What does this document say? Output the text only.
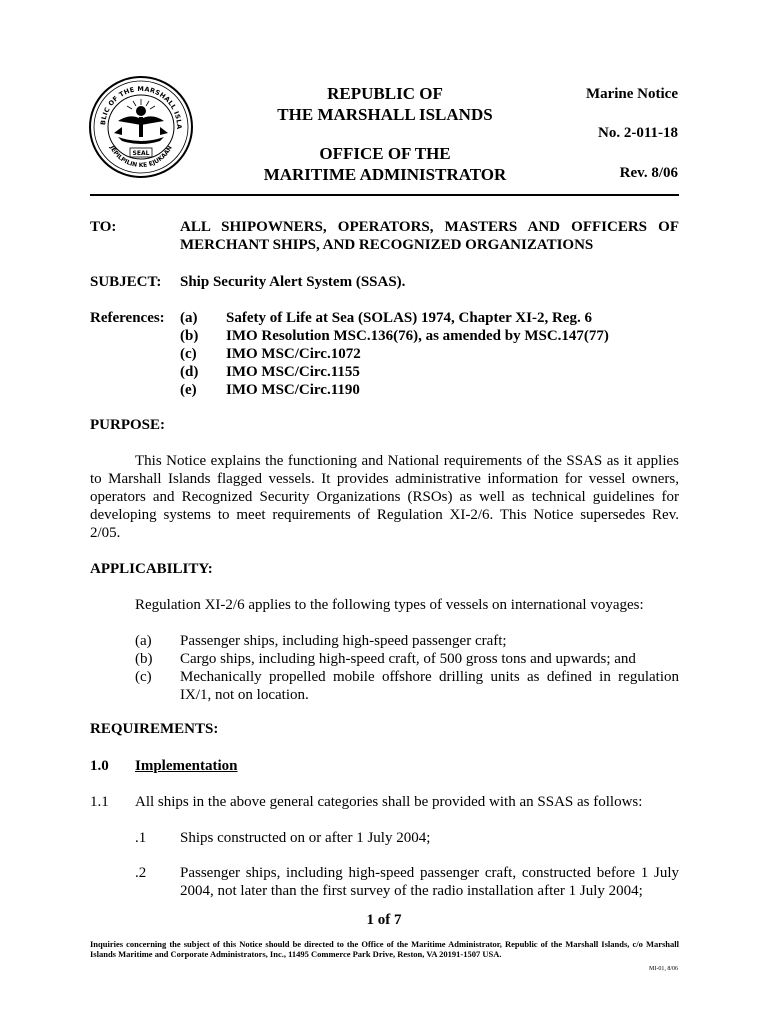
BLIC OF THE MARSHALL ISLA
JEPILPILIN KE EJUKAAN
SEAL
REPUBLIC OF
THE MARSHALL ISLANDS
OFFICE OF THE
MARITIME ADMINISTRATOR
Marine Notice
No. 2-011-18
Rev. 8/06
TO:	ALL SHIPOWNERS, OPERATORS, MASTERS AND OFFICERS OF
MERCHANT SHIPS, AND RECOGNIZED ORGANIZATIONS
SUBJECT: Ship Security Alert System (SSAS).
References: (a) Safety of Life at Sea (SOLAS) 1974, Chapter XI-2, Reg. 6
(b) IMO Resolution MSC.136(76), as amended by MSC.147(77)
(c) IMO MSC/Circ.1072
(d) IMO MSC/Circ.1155
(e) IMO MSC/Circ.1190
PURPOSE:
This Notice explains the functioning and National requirements of the SSAS as it applies
to Marshall Islands flagged vessels. It provides administrative information for vessel owners,
operators and Recognized Security Organizations (RSOs) as well as technical guidelines for
developing systems to meet requirements of Regulation XI-2/6. This Notice supersedes Rev.
2/05.
APPLICABILITY:
Regulation XI-2/6 applies to the following types of vessels on international voyages:
(a) Passenger ships, including high-speed passenger craft;
(b) Cargo ships, including high-speed craft, of 500 gross tons and upwards; and
(c) Mechanically propelled mobile offshore drilling units as defined in regulation
IX/1, not on location.
REQUIREMENTS:
1.0 Implementation
1.1 All ships in the above general categories shall be provided with an SSAS as follows:
.1 Ships constructed on or after 1 July 2004;
.2 Passenger ships, including high-speed passenger craft, constructed before 1 July
2004, not later than the first survey of the radio installation after 1 July 2004;
1 of 7
Inquiries concerning the subject of this Notice should be directed to the Office of the Maritime Administrator, Republic of the Marshall Islands, c/o Marshall Islands Maritime and Corporate Administrators, Inc., 11495 Commerce Park Drive, Reston, VA 20191-1507 USA.
MI-01, 8/06
